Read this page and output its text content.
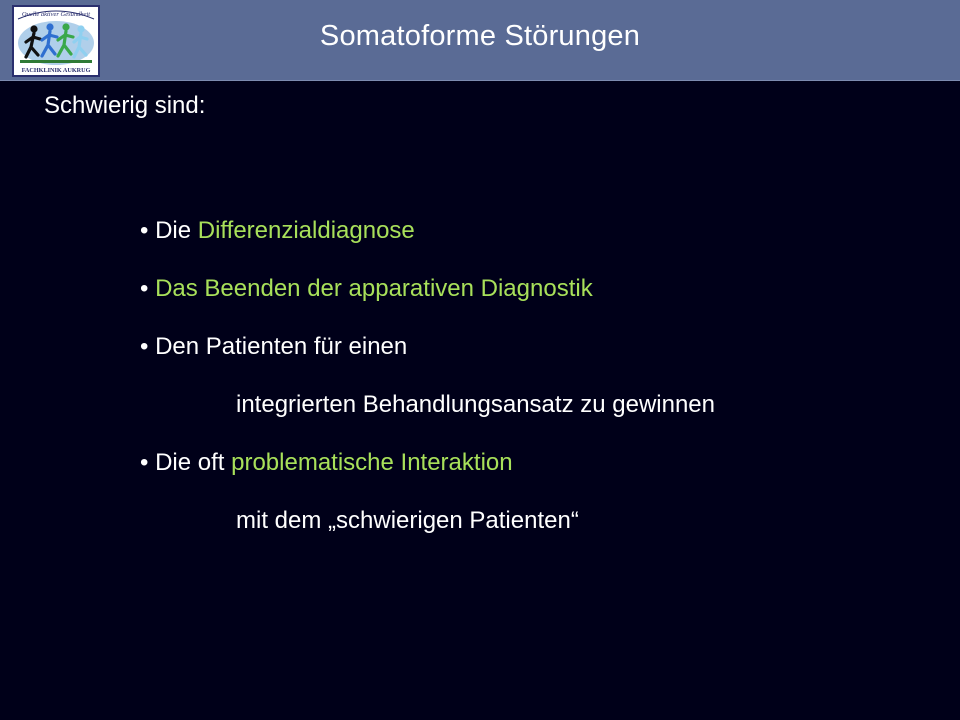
Quelle aktiver Gesundheit
FACHKLINIK AUKRUG
Somatoforme Störungen
Schwierig sind:
• Die Differenzialdiagnose
• Das Beenden der apparativen Diagnostik
• Den Patienten für einen
integrierten Behandlungsansatz zu gewinnen
• Die oft problematische Interaktion
mit dem „schwierigen Patienten“
